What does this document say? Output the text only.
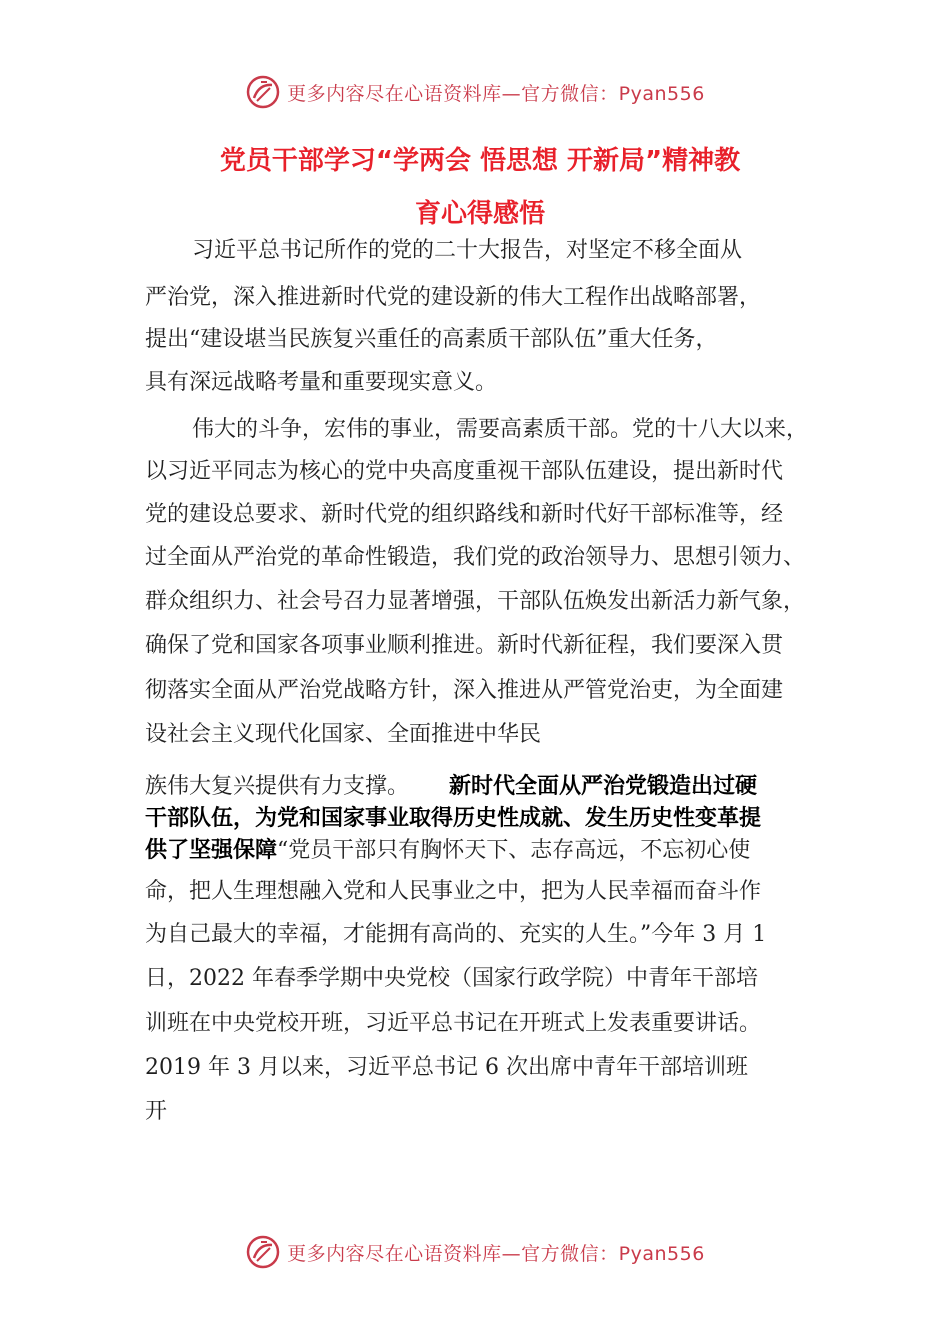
更多内容尽在心语资料库—官方微信：Pyan556
党员干部学习“学两会 悟思想 开新局”精神教
育心得感悟
习近平总书记所作的党的二十大报告，对坚定不移全面从
严治党，深入推进新时代党的建设新的伟大工程作出战略部署，
提出“建设堪当民族复兴重任的高素质干部队伍”重大任务，
具有深远战略考量和重要现实意义。
伟大的斗争，宏伟的事业，需要高素质干部。党的十八大以来，
以习近平同志为核心的党中央高度重视干部队伍建设，提出新时代
党的建设总要求、新时代党的组织路线和新时代好干部标准等，经
过全面从严治党的革命性锻造，我们党的政治领导力、思想引领力、
群众组织力、社会号召力显著增强，干部队伍焕发出新活力新气象，
确保了党和国家各项事业顺利推进。新时代新征程，我们要深入贯
彻落实全面从严治党战略方针，深入推进从严管党治吏，为全面建
设社会主义现代化国家、全面推进中华民
族伟大复兴提供有力支撑。 新时代全面从严治党锻造出过硬
干部队伍，为党和国家事业取得历史性成就、发生历史性变革提
供了坚强保障“党员干部只有胸怀天下、志存高远，不忘初心使
命，把人生理想融入党和人民事业之中，把为人民幸福而奋斗作
为自己最大的幸福，才能拥有高尚的、充实的人生。”今年 3 月 1
日，2022 年春季学期中央党校（国家行政学院）中青年干部培
训班在中央党校开班，习近平总书记在开班式上发表重要讲话。
2019 年 3 月以来，习近平总书记 6 次出席中青年干部培训班
开
更多内容尽在心语资料库—官方微信：Pyan556
